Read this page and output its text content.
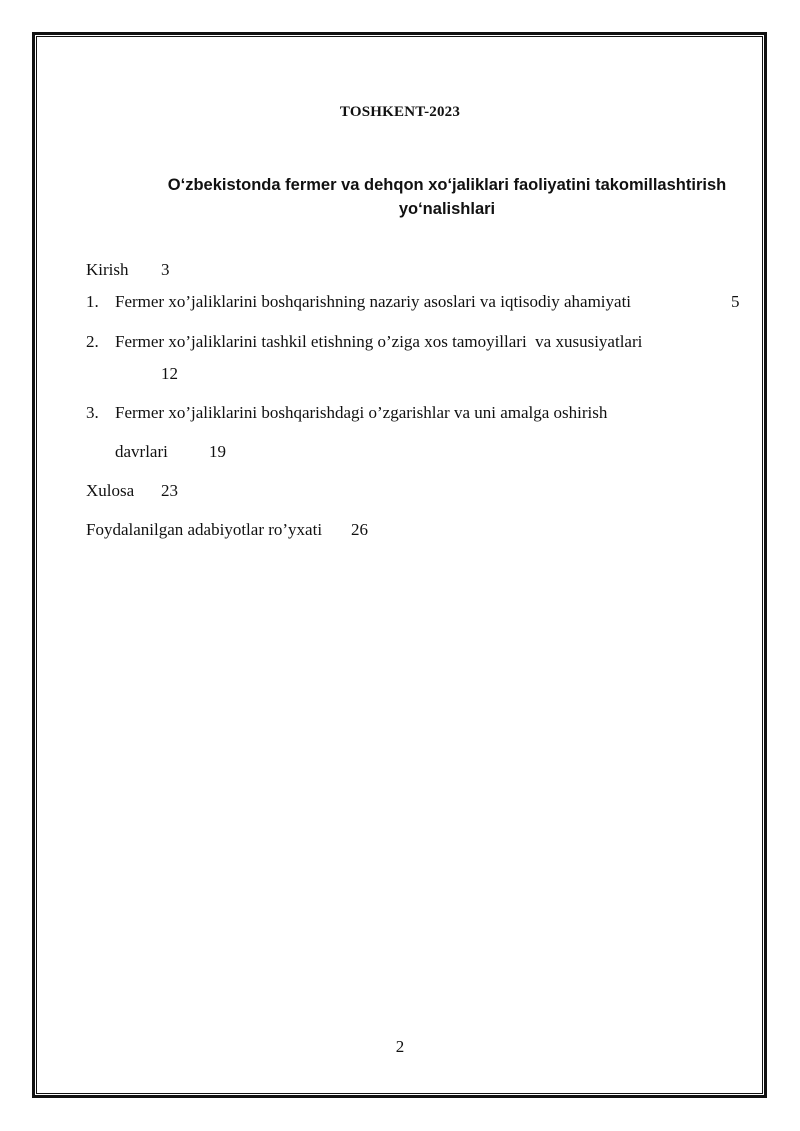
TOSHKENT-2023
O‘zbekistonda fermer va dehqon xo‘jaliklari faoliyatini takomillashtirish
yo‘nalishlari
Kirish 3
1. Fermer xo’jaliklarini boshqarishning nazariy asoslari va iqtisodiy ahamiyati	5
2. Fermer xo’jaliklarini tashkil etishning o’ziga xos tamoyillari  va xususiyatlari
12
3. Fermer xo’jaliklarini boshqarishdagi o’zgarishlar va uni amalga oshirish
davrlari 19
Xulosa 23
Foydalanilgan adabiyotlar ro’yxati 26
2
